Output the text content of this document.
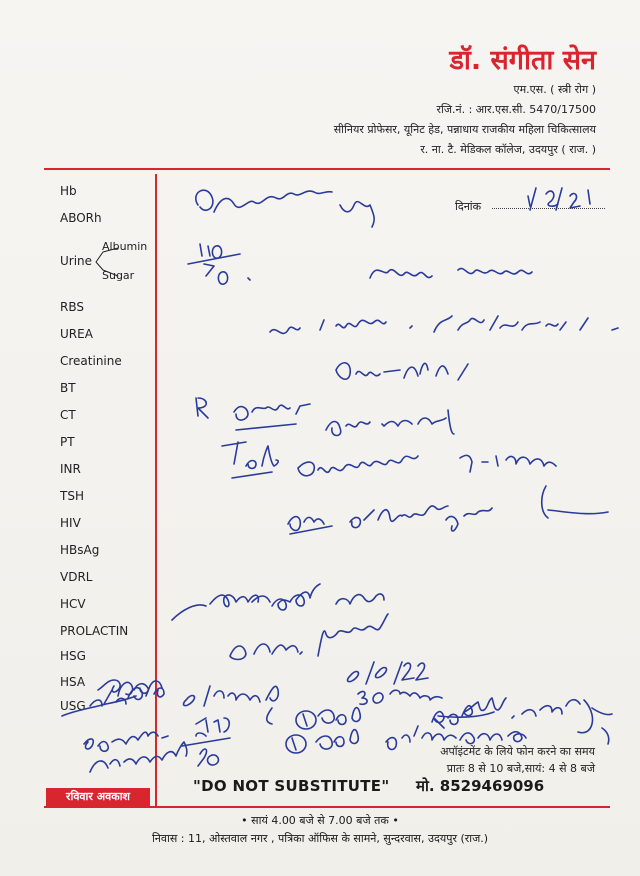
डॉ. संगीता सेन
एम.एस. ( स्त्री रोग )
रजि.नं. : आर.एस.सी. 5470/17500
सीनियर प्रोफेसर, यूनिट हेड, पन्नाधाय राजकीय महिला चिकित्सालय
र. ना. टै. मेडिकल कॉलेज, उदयपुर ( राज. )
Hb
ABORh
Urine
Albumin
Sugar
RBS
UREA
Creatinine
BT
CT
PT
INR
TSH
HIV
HBsAg
VDRL
HCV
PROLACTIN
HSG
HSA
USG
दिनांक
अपॉइंटमेंट के लिये फोन करने का समय
प्रातः 8 से 10 बजे,सायं: 4 से 8 बजे
"DO NOT SUBSTITUTE" मो. 8529469096
रविवार अवकाश
• सायं 4.00 बजे से 7.00 बजे तक •
निवास : 11, ओस्तवाल नगर , पत्रिका ऑफिस के सामने, सुन्दरवास, उदयपुर (राज.)
